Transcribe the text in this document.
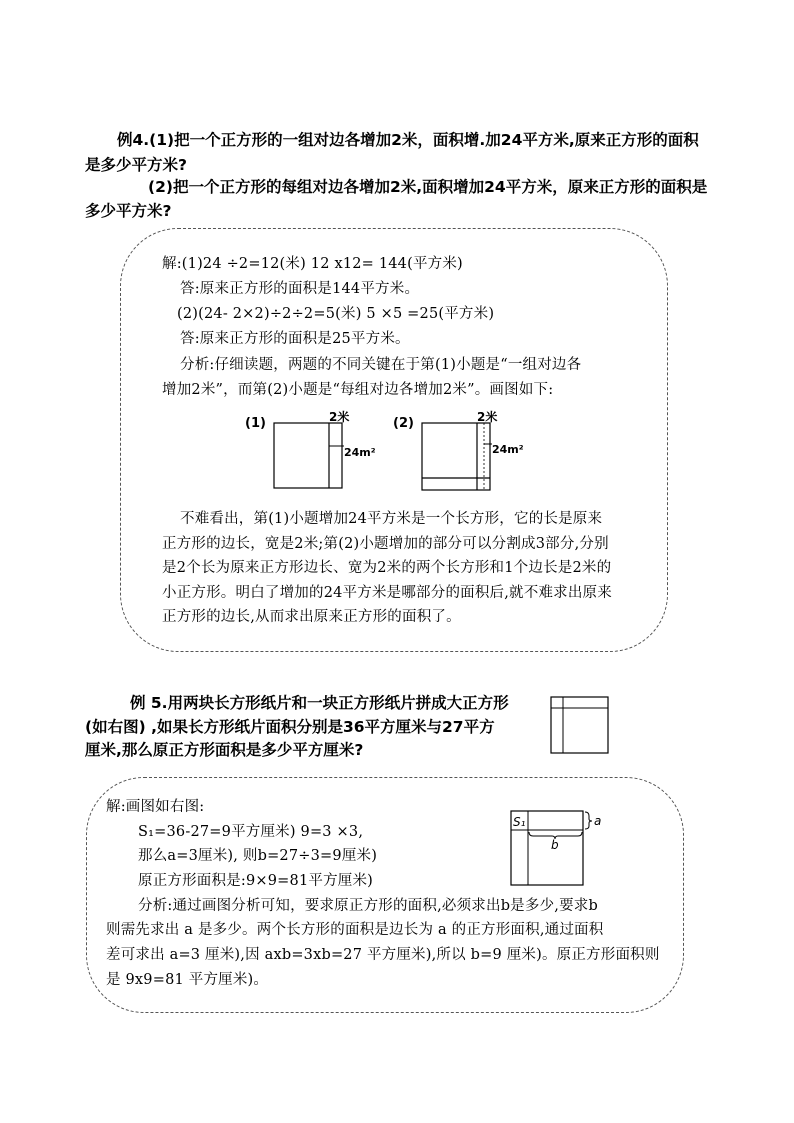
例4.(1)把一个正方形的一组对边各增加2米，面积增.加24平方米,原来正方形的面积
是多少平方米?
(2)把一个正方形的每组对边各增加2米,面积增加24平方米，原来正方形的面积是
多少平方米?
解:(1)24 ÷2=12(米) 12 x12= 144(平方米)
答:原来正方形的面积是144平方米。
(2)(24- 2×2)÷2÷2=5(米) 5 ×5 =25(平方米)
答:原来正方形的面积是25平方米。
分析:仔细读题，两题的不同关键在于第(1)小题是“一组对边各
增加2米”，而第(2)小题是“每组对边各增加2米”。画图如下:
(1)	2米
24m²
(2)	2米
24m²
不难看出，第(1)小题增加24平方米是一个长方形，它的长是原来
正方形的边长，宽是2米;第(2)小题增加的部分可以分割成3部分,分别
是2个长为原来正方形边长、宽为2米的两个长方形和1个边长是2米的
小正方形。明白了增加的24平方米是哪部分的面积后,就不难求出原来
正方形的边长,从而求出原来正方形的面积了。
例 5.用两块长方形纸片和一块正方形纸片拼成大正方形
(如右图) ,如果长方形纸片面积分别是36平方厘米与27平方
厘米,那么原正方形面积是多少平方厘米?
解:画图如右图:
S₁=36-27=9平方厘米) 9=3 ×3,
那么a=3厘米), 则b=27÷3=9厘米)
原正方形面积是:9×9=81平方厘米)
分析:通过画图分析可知，要求原正方形的面积,必须求出b是多少,要求b
则需先求出 a 是多少。两个长方形的面积是边长为 a 的正方形面积,通过面积
差可求出 a=3 厘米),因 axb=3xb=27 平方厘米),所以 b=9 厘米)。原正方形面积则
是 9x9=81 平方厘米)。
S₁	a
b
